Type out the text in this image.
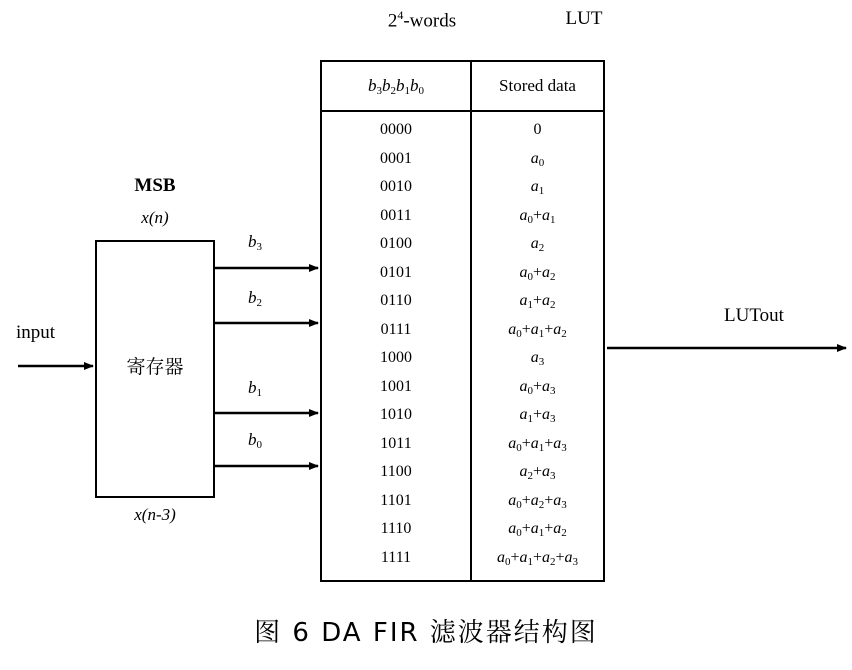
$2^4$-words	LUT
$b_3b_2b_1b_0$	Stored data
0000
0001
0010
0011
0100
0101
0110
0111
1000
1001
1010
1011
1100
1101
1110
1111
0
$a_0$
$a_1$
$a_0+a_1$
$a_2$
$a_0+a_2$
$a_1+a_2$
$a_0+a_1+a_2$
$a_3$
$a_0+a_3$
$a_1+a_3$
$a_0+a_1+a_3$
$a_2+a_3$
$a_0+a_2+a_3$
$a_0+a_1+a_2$
$a_0+a_1+a_2+a_3$
寄存器
MSB
x(n)
x(n-3)
input
LUTout
$b_3$
$b_2$
$b_1$
$b_0$
图 6 DA FIR 滤波器结构图
